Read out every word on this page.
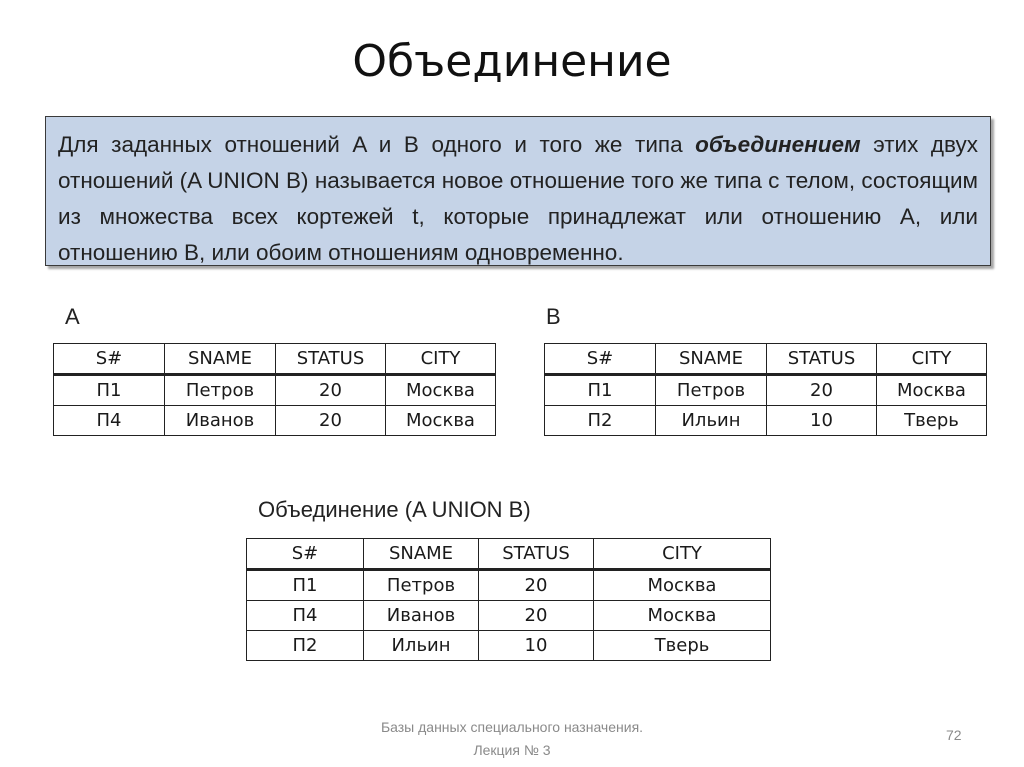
Объединение
Для заданных отношений A и B одного и того же типа объединением этих двух отношений (A UNION B) называется новое отношение того же типа с телом, состоящим из множества всех кортежей t, которые принадлежат или отношению A, или отношению B, или обоим отношениям одновременно.
A
S#	SNAME	STATUS	CITY
П1	Петров	20	Москва
П4	Иванов	20	Москва
B
S#	SNAME	STATUS	CITY
П1	Петров	20	Москва
П2	Ильин	10	Тверь
Объединение (A UNION B)
S#	SNAME	STATUS	CITY
П1	Петров	20	Москва
П4	Иванов	20	Москва
П2	Ильин	10	Тверь
Базы данных специального назначения.
Лекция № 3
72
